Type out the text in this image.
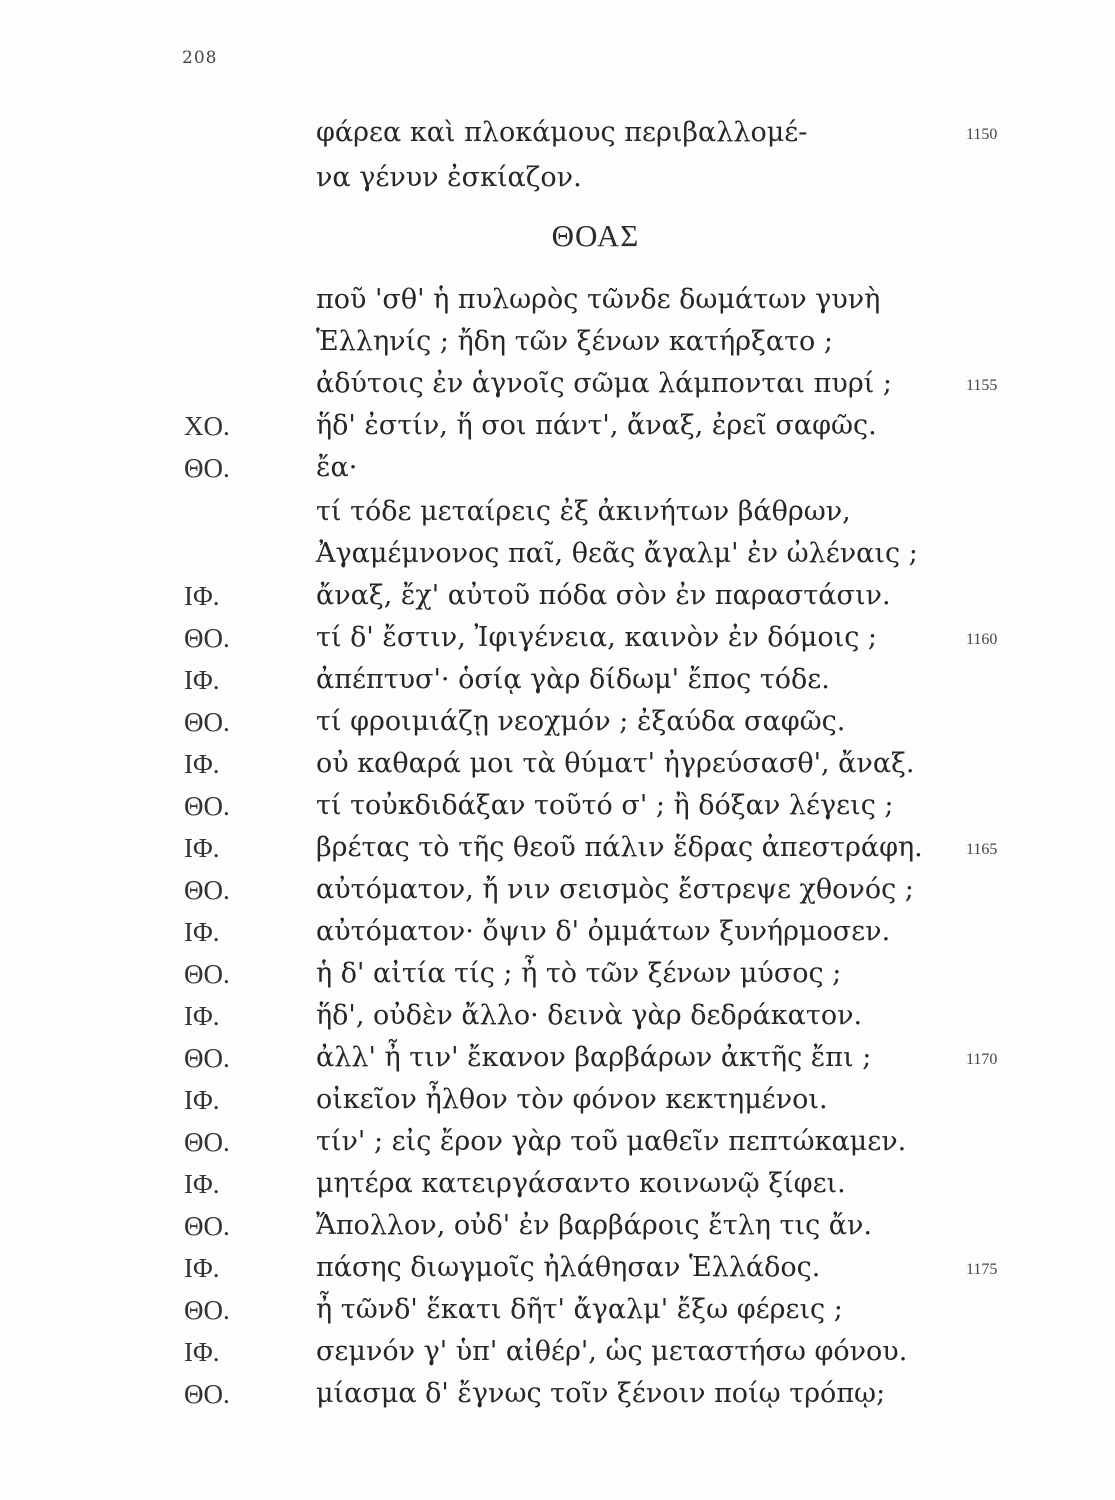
208
ΘΟΑΣ
φάρεα καὶ πλοκάμους περιβαλλομέ-	1150
να γένυν ἐσκίαζον.
ποῦ 'σθ' ἡ πυλωρὸς τῶνδε δωμάτων γυνὴ
Ἑλληνίς ; ἤδη τῶν ξένων κατήρξατο ;
ἀδύτοις ἐν ἁγνοῖς σῶμα λάμπονται πυρί ;	1155
ΧΟ.	ἥδ' ἐστίν, ἥ σοι πάντ', ἄναξ, ἐρεῖ σαφῶς.
ΘΟ.	ἔα·
τί τόδε μεταίρεις ἐξ ἀκινήτων βάθρων,
Ἀγαμέμνονος παῖ, θεᾶς ἄγαλμ' ἐν ὠλέναις ;
ΙΦ.	ἄναξ, ἔχ' αὐτοῦ πόδα σὸν ἐν παραστάσιν.
ΘΟ.	τί δ' ἔστιν, Ἰφιγένεια, καινὸν ἐν δόμοις ;	1160
ΙΦ.	ἀπέπτυσ'· ὁσίᾳ γὰρ δίδωμ' ἔπος τόδε.
ΘΟ.	τί φροιμιάζῃ νεοχμόν ; ἐξαύδα σαφῶς.
ΙΦ.	οὐ καθαρά μοι τὰ θύματ' ἠγρεύσασθ', ἄναξ.
ΘΟ.	τί τοὐκδιδάξαν τοῦτό σ' ; ἢ δόξαν λέγεις ;
ΙΦ.	βρέτας τὸ τῆς θεοῦ πάλιν ἕδρας ἀπεστράφη.	1165
ΘΟ.	αὐτόματον, ἤ νιν σεισμὸς ἔστρεψε χθονός ;
ΙΦ.	αὐτόματον· ὄψιν δ' ὀμμάτων ξυνήρμοσεν.
ΘΟ.	ἡ δ' αἰτία τίς ; ἦ τὸ τῶν ξένων μύσος ;
ΙΦ.	ἥδ', οὐδὲν ἄλλο· δεινὰ γὰρ δεδράκατον.
ΘΟ.	ἀλλ' ἦ τιν' ἔκανον βαρβάρων ἀκτῆς ἔπι ;	1170
ΙΦ.	οἰκεῖον ἦλθον τὸν φόνον κεκτημένοι.
ΘΟ.	τίν' ; εἰς ἔρον γὰρ τοῦ μαθεῖν πεπτώκαμεν.
ΙΦ.	μητέρα κατειργάσαντο κοινωνῷ ξίφει.
ΘΟ.	Ἄπολλον, οὐδ' ἐν βαρβάροις ἔτλη τις ἄν.
ΙΦ.	πάσης διωγμοῖς ἠλάθησαν Ἑλλάδος.	1175
ΘΟ.	ἦ τῶνδ' ἕκατι δῆτ' ἄγαλμ' ἔξω φέρεις ;
ΙΦ.	σεμνόν γ' ὑπ' αἰθέρ', ὡς μεταστήσω φόνου.
ΘΟ.	μίασμα δ' ἔγνως τοῖν ξένοιν ποίῳ τρόπῳ;
